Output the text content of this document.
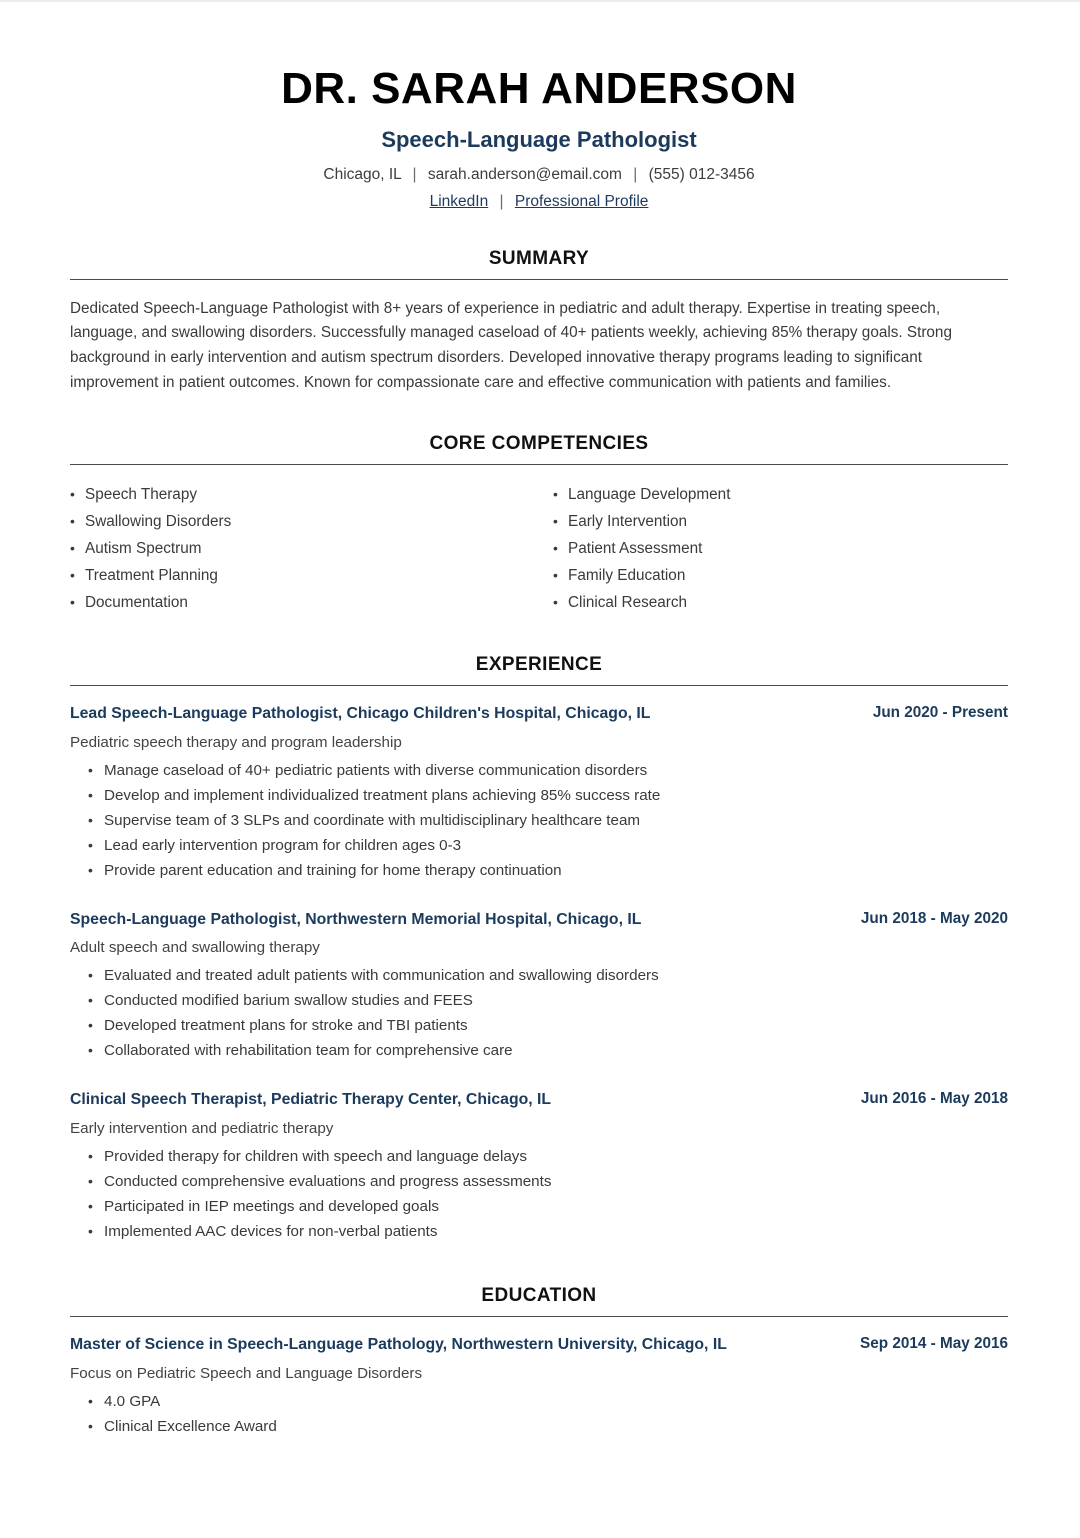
DR. SARAH ANDERSON
Speech-Language Pathologist
Chicago, IL | sarah.anderson@email.com | (555) 012-3456
LinkedIn | Professional Profile
SUMMARY

Dedicated Speech-Language Pathologist with 8+ years of experience in pediatric and adult therapy. Expertise in treating speech, language, and swallowing disorders. Successfully managed caseload of 40+ patients weekly, achieving 85% therapy goals. Strong background in early intervention and autism spectrum disorders. Developed innovative therapy programs leading to significant improvement in patient outcomes. Known for compassionate care and effective communication with patients and families.

CORE COMPETENCIES
• Speech Therapy
• Swallowing Disorders
• Autism Spectrum
• Treatment Planning
• Documentation
• Language Development
• Early Intervention
• Patient Assessment
• Family Education
• Clinical Research
EXPERIENCE
Lead Speech-Language Pathologist, Chicago Children's Hospital, Chicago, IL	Jun 2020 - Present
Pediatric speech therapy and program leadership
• Manage caseload of 40+ pediatric patients with diverse communication disorders
• Develop and implement individualized treatment plans achieving 85% success rate
• Supervise team of 3 SLPs and coordinate with multidisciplinary healthcare team
• Lead early intervention program for children ages 0-3
• Provide parent education and training for home therapy continuation
Speech-Language Pathologist, Northwestern Memorial Hospital, Chicago, IL	Jun 2018 - May 2020
Adult speech and swallowing therapy
• Evaluated and treated adult patients with communication and swallowing disorders
• Conducted modified barium swallow studies and FEES
• Developed treatment plans for stroke and TBI patients
• Collaborated with rehabilitation team for comprehensive care
Clinical Speech Therapist, Pediatric Therapy Center, Chicago, IL	Jun 2016 - May 2018
Early intervention and pediatric therapy
• Provided therapy for children with speech and language delays
• Conducted comprehensive evaluations and progress assessments
• Participated in IEP meetings and developed goals
• Implemented AAC devices for non-verbal patients
EDUCATION
Master of Science in Speech-Language Pathology, Northwestern University, Chicago, IL	Sep 2014 - May 2016
Focus on Pediatric Speech and Language Disorders
• 4.0 GPA
• Clinical Excellence Award
